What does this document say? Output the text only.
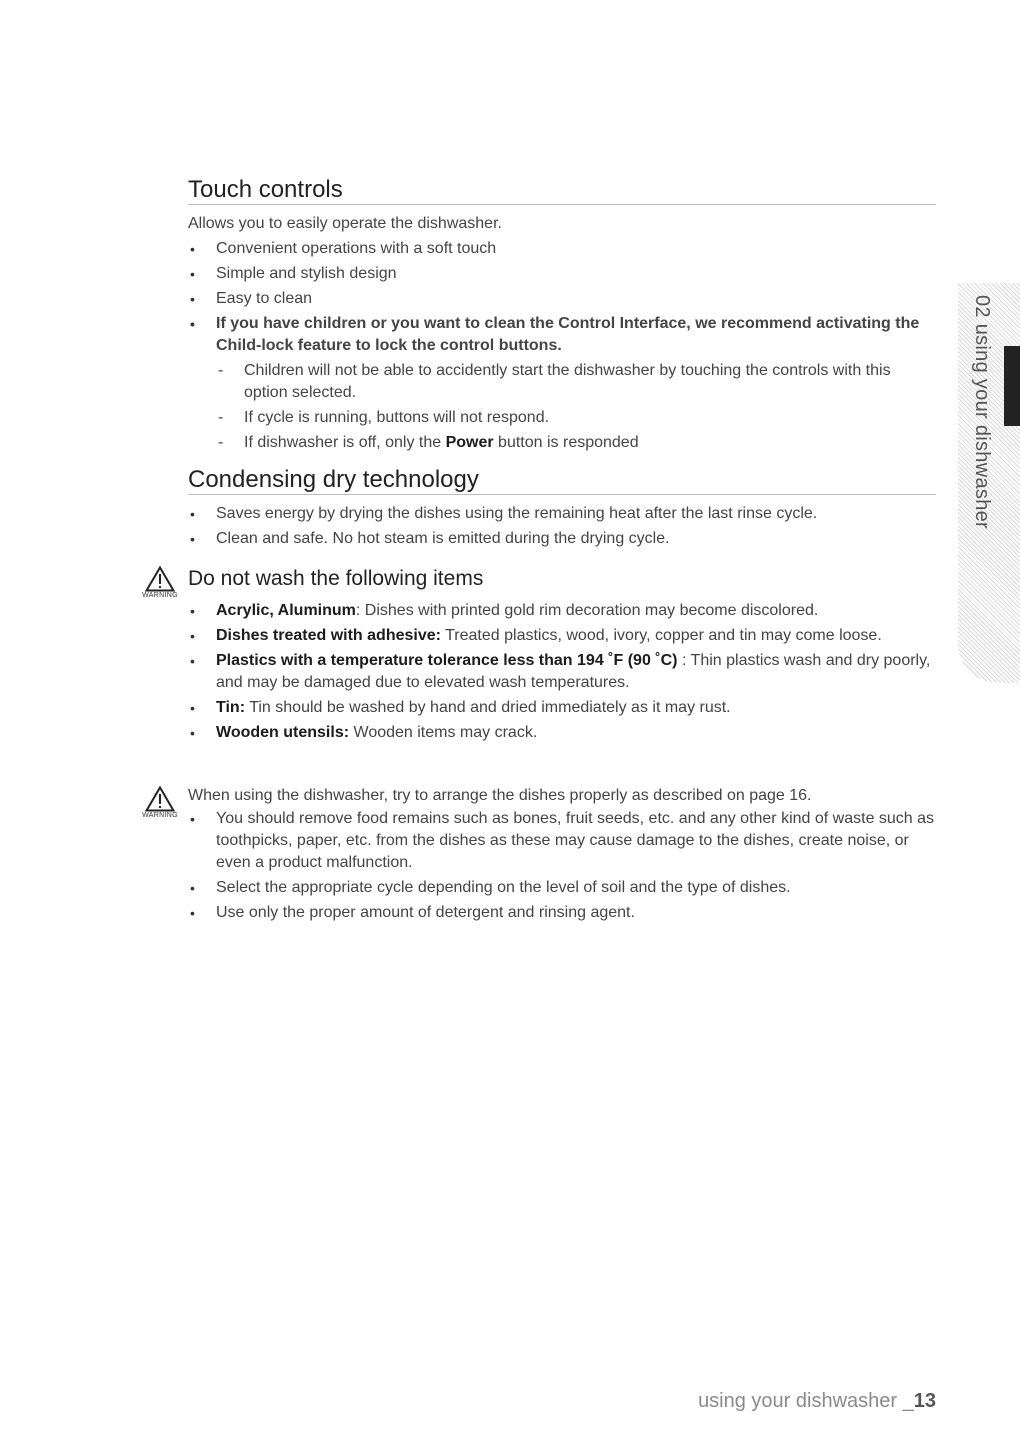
Touch controls

Allows you to easily operate the dishwasher.

• Convenient operations with a soft touch
• Simple and stylish design
• Easy to clean
• If you have children or you want to clean the Control Interface, we recommend activating the Child-lock feature to lock the control buttons.
- Children will not be able to accidently start the dishwasher by touching the controls with this option selected.
- If cycle is running, buttons will not respond.
- If dishwasher is off, only the Power button is responded
Condensing dry technology
• Saves energy by drying the dishes using the remaining heat after the last rinse cycle.
• Clean and safe. No hot steam is emitted during the drying cycle.
WARNING
Do not wash the following items
• Acrylic, Aluminum: Dishes with printed gold rim decoration may become discolored.
• Dishes treated with adhesive: Treated plastics, wood, ivory, copper and tin may come loose.
• Plastics with a temperature tolerance less than 194 ˚F (90 ˚C) : Thin plastics wash and dry poorly, and may be damaged due to elevated wash temperatures.
• Tin: Tin should be washed by hand and dried immediately as it may rust.
• Wooden utensils: Wooden items may crack.
WARNING

When using the dishwasher, try to arrange the dishes properly as described on page 16.

• You should remove food remains such as bones, fruit seeds, etc. and any other kind of waste such as toothpicks, paper, etc. from the dishes as these may cause damage to the dishes, create noise, or even a product malfunction.
• Select the appropriate cycle depending on the level of soil and the type of dishes.
• Use only the proper amount of detergent and rinsing agent.
02 using your dishwasher
using your dishwasher _13
